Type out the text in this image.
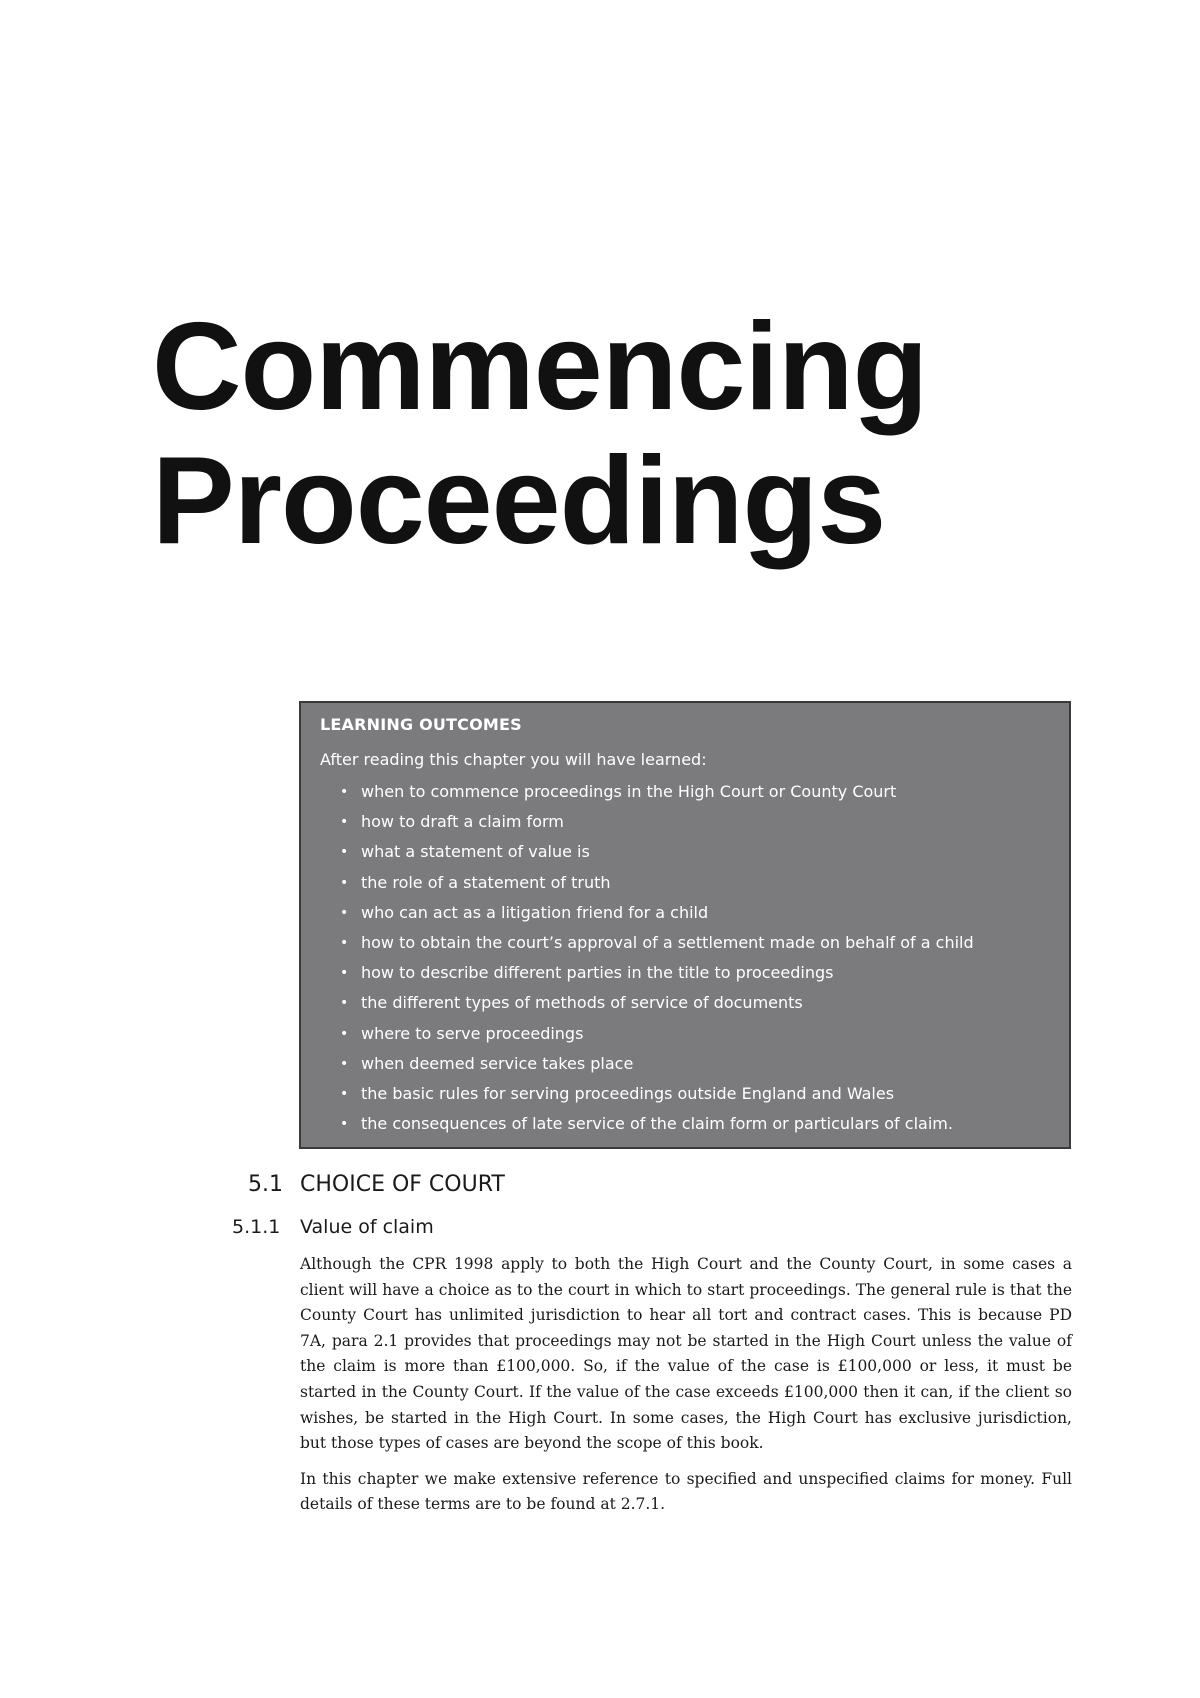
Commencing
Proceedings
LEARNING OUTCOMES
After reading this chapter you will have learned:
• when to commence proceedings in the High Court or County Court
• how to draft a claim form
• what a statement of value is
• the role of a statement of truth
• who can act as a litigation friend for a child
• how to obtain the court’s approval of a settlement made on behalf of a child
• how to describe different parties in the title to proceedings
• the different types of methods of service of documents
• where to serve proceedings
• when deemed service takes place
• the basic rules for serving proceedings outside England and Wales
• the consequences of late service of the claim form or particulars of claim.
5.1 CHOICE OF COURT
5.1.1 Value of claim

Although the CPR 1998 apply to both the High Court and the County Court, in some cases a client will have a choice as to the court in which to start proceedings. The general rule is that the County Court has unlimited jurisdiction to hear all tort and contract cases. This is because PD 7A, para 2.1 provides that proceedings may not be started in the High Court unless the value of the claim is more than £100,000. So, if the value of the case is £100,000 or less, it must be started in the County Court. If the value of the case exceeds £100,000 then it can, if the client so wishes, be started in the High Court. In some cases, the High Court has exclusive jurisdiction, but those types of cases are beyond the scope of this book.

In this chapter we make extensive reference to specified and unspecified claims for money. Full details of these terms are to be found at 2.7.1.
